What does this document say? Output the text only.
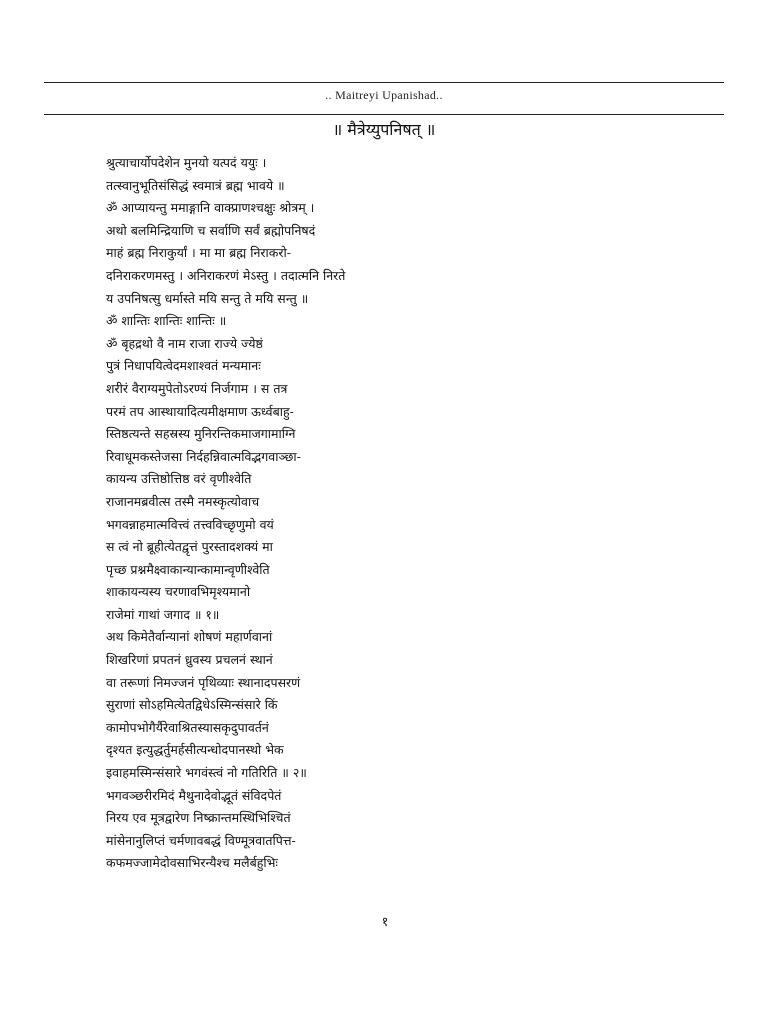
.. Maitreyi Upanishad..
॥ मैत्रेय्युपनिषत् ॥
श्रुत्याचार्योपदेशेन मुनयो यत्पदं ययुः ।
तत्स्वानुभूतिसंसिद्धं स्वमात्रं ब्रह्म भावये ॥
ॐ आप्यायन्तु ममाङ्गानि वाक्प्राणश्चक्षुः श्रोत्रम् ।
अथो बलमिन्द्रियाणि च सर्वाणि सर्वं ब्रह्मोपनिषदं
माहं ब्रह्म निराकुर्यां । मा मा ब्रह्म निराकरो-
दनिराकरणमस्तु । अनिराकरणं मेऽस्तु । तदात्मनि निरते
य उपनिषत्सु धर्मास्ते मयि सन्तु ते मयि सन्तु ॥
ॐ शान्तिः शान्तिः शान्तिः ॥
ॐ बृहद्रथो वै नाम राजा राज्ये ज्येष्ठं
पुत्रं निधापयित्वेदमशाश्वतं मन्यमानः
शरीरं वैराग्यमुपेतोऽरण्यं निर्जगाम । स तत्र
परमं तप आस्थायादित्यमीक्षमाण ऊर्ध्वबाहु-
स्तिष्ठत्यन्ते सहस्रस्य मुनिरन्तिकमाजगामाग्नि
रिवाधूमकस्तेजसा निर्दहन्निवात्मविद्भगवाञ्छा-
कायन्य उत्तिष्ठोत्तिष्ठ वरं वृणीश्वेति
राजानमब्रवीत्स तस्मै नमस्कृत्योवाच
भगवन्नाहमात्मवित्त्वं तत्त्वविच्छृणुमो वयं
स त्वं नो ब्रूहीत्येतद्वृत्तं पुरस्तादशक्यं मा
पृच्छ प्रश्नमैक्ष्वाकान्यान्कामान्वृणीश्वेति
शाकायन्यस्य चरणावभिमृश्यमानो
राजेमां गाथां जगाद ॥ १॥
अथ किमेतैर्वान्यानां शोषणं महार्णवानां
शिखरिणां प्रपतनं ध्रुवस्य प्रचलनं स्थानं
वा तरूणां निमज्जनं पृथिव्याः स्थानादपसरणं
सुराणां सोऽहमित्येतद्विधेऽस्मिन्संसारे किं
कामोपभोगैर्यैरेवाश्रितस्यासकृदुपावर्तनं
दृश्यत इत्युद्धर्तुमर्हसीत्यन्धोदपानस्थो भेक
इवाहमस्मिन्संसारे भगवंस्त्वं नो गतिरिति ॥ २॥
भगवञ्छरीरमिदं मैथुनादेवोद्भूतं संविदपेतं
निरय एव मूत्रद्वारेण निष्क्रान्तमस्थिभिश्चितं
मांसेनानुलिप्तं चर्मणावबद्धं विण्मूत्रवातपित्त-
कफमज्जामेदोवसाभिरन्यैश्च मलैर्बहुभिः
१
